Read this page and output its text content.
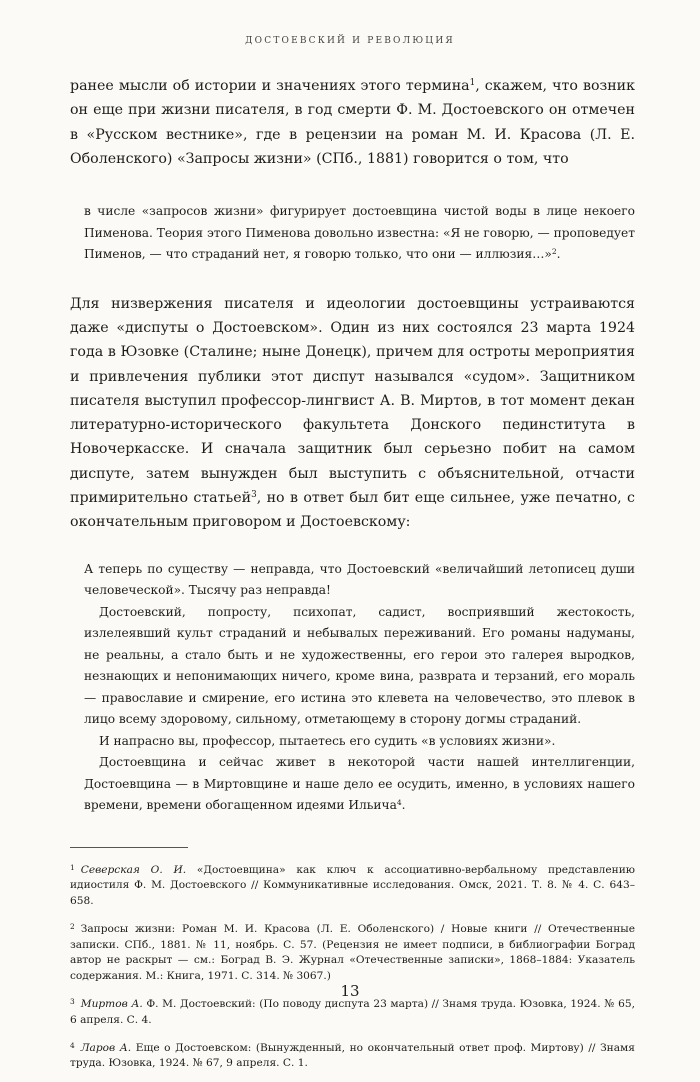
ДОСТОЕВСКИЙ И РЕВОЛЮЦИЯ

ранее мысли об истории и значениях этого термина$^1$, скажем, что возник он еще при жизни писателя, в год смерти Ф. М. Достоевского он отмечен в «Русском вестнике», где в рецензии на роман М. И. Красова (Л. Е. Оболенского) «Запросы жизни» (СПб., 1881) говорится о том, что

в числе «запросов жизни» фигурирует достоевщина чистой воды в лице некоего Пименова. Теория этого Пименова довольно известна: «Я не говорю, — проповедует Пименов, — что страданий нет, я говорю только, что они — иллюзия…»$^2$.

Для низвержения писателя и идеологии достоевщины устраиваются даже «диспуты о Достоевском». Один из них состоялся 23 марта 1924 года в Юзовке (Сталине; ныне Донецк), причем для остроты мероприятия и привлечения публики этот диспут назывался «судом». Защитником писателя выступил профессор-лингвист А. В. Миртов, в тот момент декан литературно-исторического факультета Донского пединститута в Новочеркасске. И сначала защитник был серьезно побит на самом диспуте, затем вынужден был выступить с объяснительной, отчасти примирительно статьей$^3$, но в ответ был бит еще сильнее, уже печатно, с окончательным приговором и Достоевскому:

А теперь по существу — неправда, что Достоевский «величайший летописец души человеческой». Тысячу раз неправда!

Достоевский, попросту, психопат, садист, восприявший жестокость, излелеявший культ страданий и небывалых переживаний. Его романы надуманы, не реальны, а стало быть и не художественны, его герои это галерея выродков, незнающих и непонимающих ничего, кроме вина, разврата и терзаний, его мораль — православие и смирение, его истина это клевета на человечество, это плевок в лицо всему здоровому, сильному, отметающему в сторону догмы страданий.

И напрасно вы, профессор, пытаетесь его судить «в условиях жизни».

Достоевщина и сейчас живет в некоторой части нашей интеллигенции, Достоевщина — в Миртовщине и наше дело ее осудить, именно, в условиях нашего времени, времени обогащенном идеями Ильича$^4$.

$^1$ Северская О. И. «Достоевщина» как ключ к ассоциативно-вербальному представлению идиостиля Ф. М. Достоевского // Коммуникативные исследования. Омск, 2021. Т. 8. № 4. С. 643–658.

$^2$ Запросы жизни: Роман М. И. Красова (Л. Е. Оболенского) / Новые книги // Отечественные записки. СПб., 1881. № 11, ноябрь. С. 57. (Рецензия не имеет подписи, в библиографии Боград автор не раскрыт — см.: Боград В. Э. Журнал «Отечественные записки», 1868–1884: Указатель содержания. М.: Книга, 1971. С. 314. № 3067.)

$^3$ Миртов А. Ф. М. Достоевский: (По поводу диспута 23 марта) // Знамя труда. Юзовка, 1924. № 65, 6 апреля. С. 4.

$^4$ Ларов А. Еще о Достоевском: (Вынужденный, но окончательный ответ проф. Миртову) // Знамя труда. Юзовка, 1924. № 67, 9 апреля. С. 1.

13
